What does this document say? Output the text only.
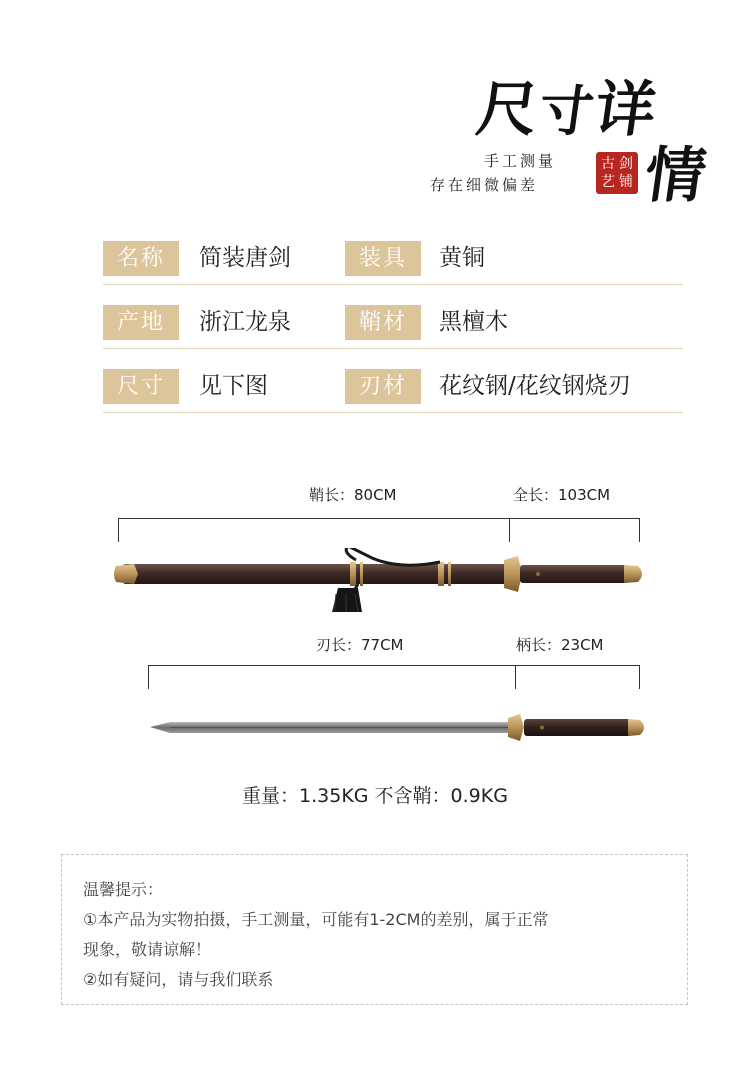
尺寸详
情
手工测量
存在细微偏差
古 剑
艺 铺
名称	简装唐剑	装具	黄铜
产地	浙江龙泉	鞘材	黑檀木
尺寸	见下图	刃材	花纹钢/花纹钢烧刃
鞘长：80CM	全长：103CM
刃长：77CM	柄长：23CM
重量：1.35KG 不含鞘：0.9KG
温馨提示：
①本产品为实物拍摄，手工测量，可能有1-2CM的差别，属于正常
现象，敬请谅解！
②如有疑问，请与我们联系
